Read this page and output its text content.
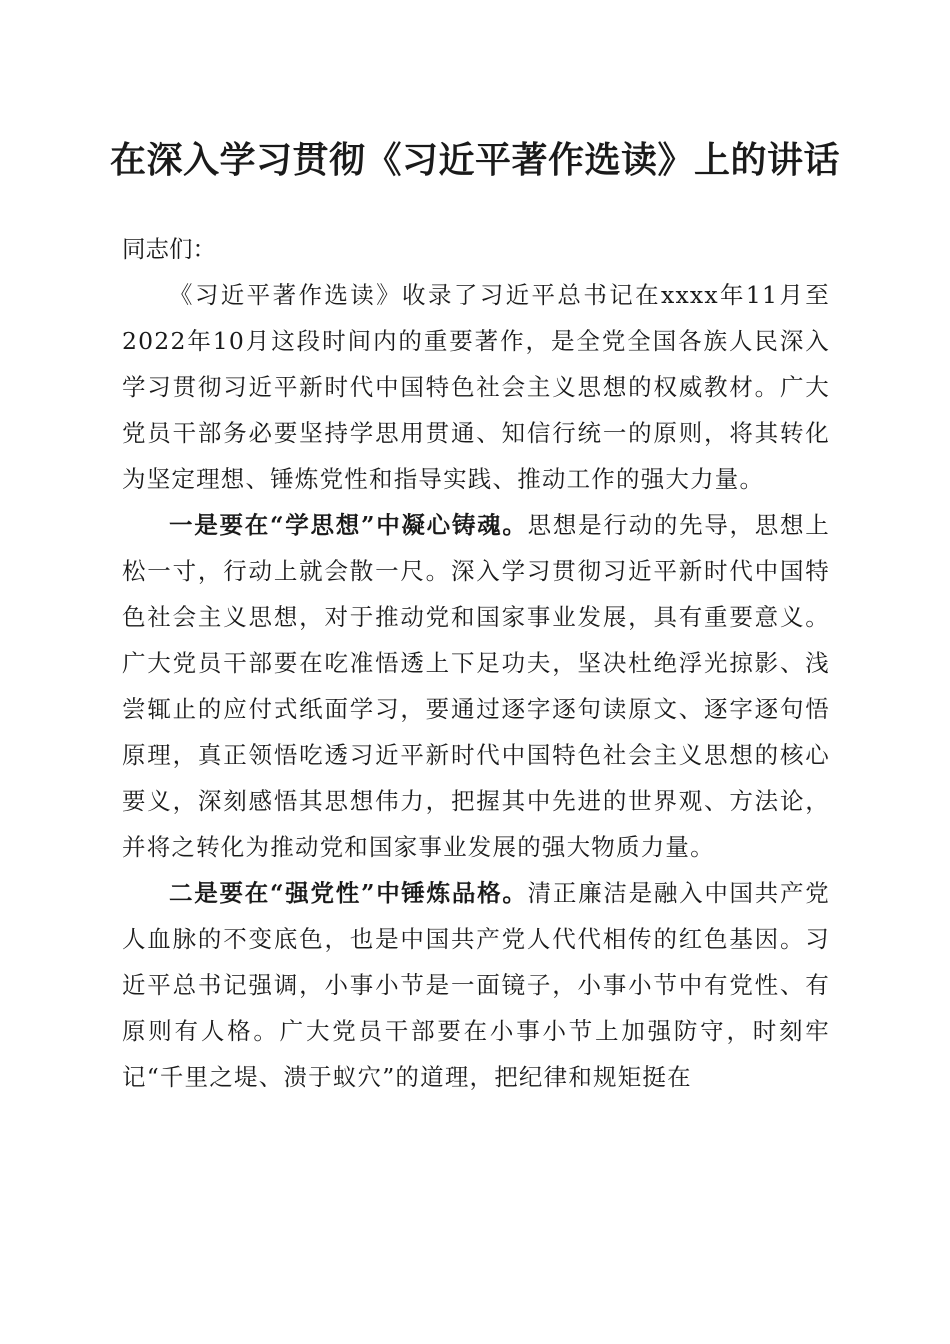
在深入学习贯彻《习近平著作选读》上的讲话

同志们：

《习近平著作选读》收录了习近平总书记在xxxx年11月至2022年10月这段时间内的重要著作，是全党全国各族人民深入学习贯彻习近平新时代中国特色社会主义思想的权威教材。广大党员干部务必要坚持学思用贯通、知信行统一的原则，将其转化为坚定理想、锤炼党性和指导实践、推动工作的强大力量。

一是要在“学思想”中凝心铸魂。思想是行动的先导，思想上松一寸，行动上就会散一尺。深入学习贯彻习近平新时代中国特色社会主义思想，对于推动党和国家事业发展，具有重要意义。广大党员干部要在吃准悟透上下足功夫，坚决杜绝浮光掠影、浅尝辄止的应付式纸面学习，要通过逐字逐句读原文、逐字逐句悟原理，真正领悟吃透习近平新时代中国特色社会主义思想的核心要义，深刻感悟其思想伟力，把握其中先进的世界观、方法论，并将之转化为推动党和国家事业发展的强大物质力量。

二是要在“强党性”中锤炼品格。清正廉洁是融入中国共产党人血脉的不变底色，也是中国共产党人代代相传的红色基因。习近平总书记强调，小事小节是一面镜子，小事小节中有党性、有原则有人格。广大党员干部要在小事小节上加强防守，时刻牢记“千里之堤、溃于蚁穴”的道理，把纪律和规矩挺在
